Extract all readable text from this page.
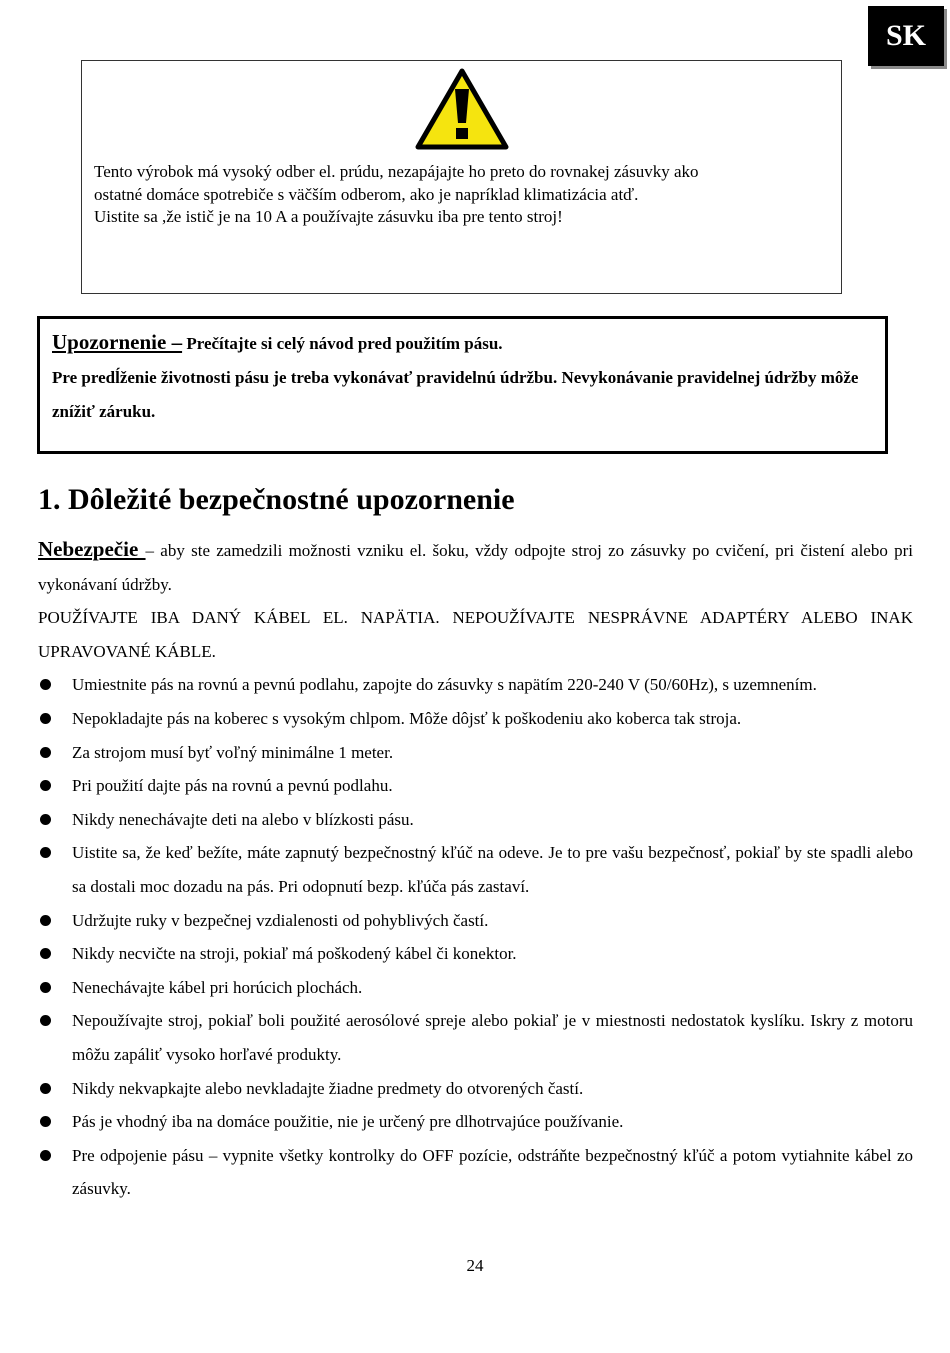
SK
Tento výrobok má vysoký odber el. prúdu, nezapájajte ho preto do rovnakej zásuvky ako
ostatné domáce spotrebiče s väčším odberom, ako je napríklad klimatizácia atď.
Uistite sa ,že istič je na 10 A a používajte zásuvku iba pre tento stroj!
Upozornenie – Prečítajte si celý návod pred použitím pásu.
Pre predĺženie životnosti pásu je treba vykonávať pravidelnú údržbu. Nevykonávanie pravidelnej údržby môže znížiť záruku.
1. Dôležité bezpečnostné upozornenie
Nebezpečie – aby ste zamedzili možnosti vzniku el. šoku, vždy odpojte stroj zo zásuvky po cvičení, pri čistení alebo pri vykonávaní údržby.
POUŽÍVAJTE IBA DANÝ KÁBEL EL. NAPÄTIA. NEPOUŽÍVAJTE NESPRÁVNE ADAPTÉRY ALEBO INAK UPRAVOVANÉ KÁBLE.
Umiestnite pás na rovnú a pevnú podlahu, zapojte do zásuvky s napätím 220-240 V (50/60Hz), s uzemnením.
Nepokladajte pás na koberec s vysokým chlpom. Môže dôjsť k poškodeniu ako koberca tak stroja.
Za strojom musí byť voľný minimálne 1 meter.
Pri použití dajte pás na rovnú a pevnú podlahu.
Nikdy nenechávajte deti na alebo v blízkosti pásu.
Uistite sa, že keď bežíte, máte zapnutý bezpečnostný kľúč na odeve. Je to pre vašu bezpečnosť, pokiaľ by ste spadli alebo sa dostali moc dozadu na pás. Pri odopnutí bezp. kľúča pás zastaví.
Udržujte ruky v bezpečnej vzdialenosti od pohyblivých častí.
Nikdy necvičte na stroji, pokiaľ má poškodený kábel či konektor.
Nenechávajte kábel pri horúcich plochách.
Nepoužívajte stroj, pokiaľ boli použité aerosólové spreje alebo pokiaľ je v miestnosti nedostatok kyslíku. Iskry z motoru môžu zapáliť vysoko horľavé produkty.
Nikdy nekvapkajte alebo nevkladajte žiadne predmety do otvorených častí.
Pás je vhodný iba na domáce použitie, nie je určený pre dlhotrvajúce používanie.
Pre odpojenie pásu – vypnite všetky kontrolky do OFF pozície, odstráňte bezpečnostný kľúč a potom vytiahnite kábel zo zásuvky.
24
